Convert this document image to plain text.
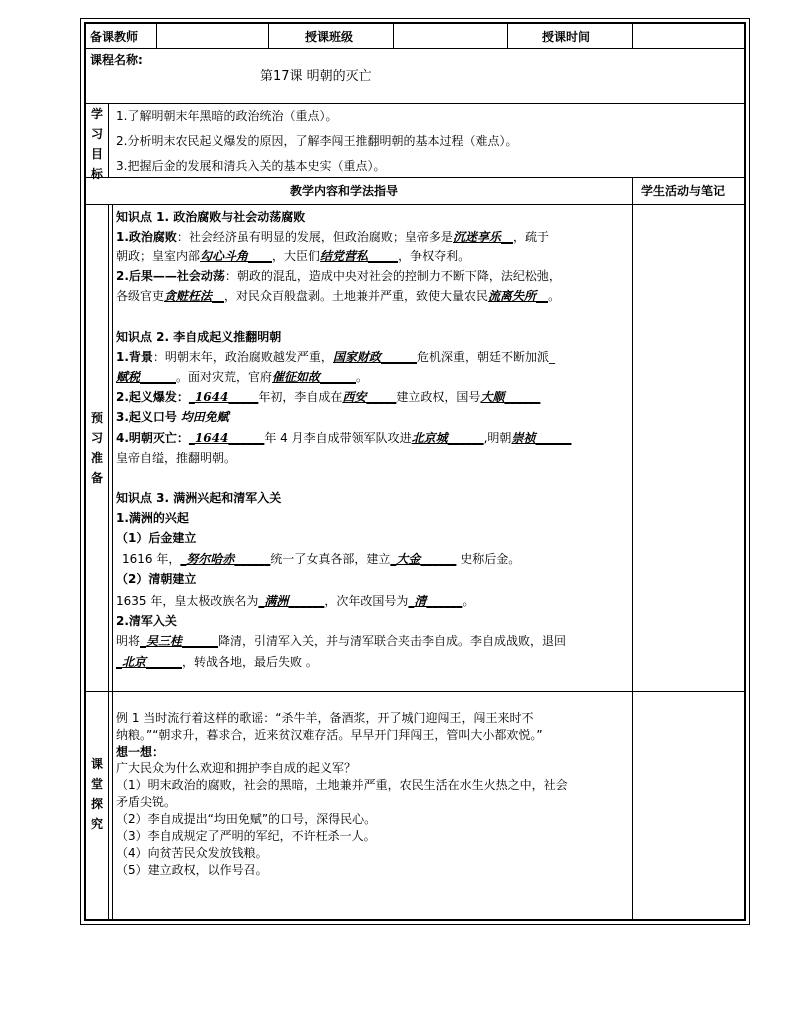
备课教师	授课班级	授课时间
课程名称:
第17课 明朝的灭亡
学习目标
1.了解明朝末年黑暗的政治统治（重点）。
2.分析明末农民起义爆发的原因，了解李闯王推翻明朝的基本过程（难点）。
3.把握后金的发展和清兵入关的基本史实（重点）。
教学内容和学法指导	学生活动与笔记
预习准备
知识点 1. 政治腐败与社会动荡腐败
1.政治腐败：社会经济虽有明显的发展，但政治腐败；皇帝多是沉迷享乐__，疏于
朝政；皇室内部勾心斗角____，大臣们结党营私_____，争权夺利。
2.后果——社会动荡：朝政的混乱，造成中央对社会的控制力不断下降，法纪松弛，
各级官吏贪赃枉法__，对民众百般盘剥。土地兼并严重，致使大量农民流离失所__。
知识点 2. 李自成起义推翻明朝
1.背景：明朝末年，政治腐败越发严重，国家财政______危机深重，朝廷不断加派_
赋税______。面对灾荒，官府催征如故______。
2.起义爆发：_1644_____年初，李自成在西安_____建立政权，国号大顺______
3.起义口号 均田免赋
4.明朝灭亡：_1644______年 4 月李自成带领军队攻进北京城______,明朝崇祯______
皇帝自缢，推翻明朝。
知识点 3. 满洲兴起和清军入关
1.满洲的兴起
（1）后金建立
1616 年，_努尔哈赤______统一了女真各部，建立_大金______ 史称后金。
（2）清朝建立
1635 年，皇太极改族名为_满洲______，次年改国号为_清______。
2.清军入关
明将_吴三桂______降清，引清军入关，并与清军联合夹击李自成。李自成战败，退回
_北京______，转战各地，最后失败 。
课堂探究
例 1 当时流行着这样的歌谣：“杀牛羊，备酒浆，开了城门迎闯王，闯王来时不
纳粮。”“朝求升，暮求合，近来贫汉难存活。早早开门拜闯王，管叫大小都欢悦。”
想一想：
广大民众为什么欢迎和拥护李自成的起义军？
（1）明末政治的腐败，社会的黑暗，土地兼并严重，农民生活在水生火热之中，社会
矛盾尖锐。
（2）李自成提出“均田免赋”的口号，深得民心。
（3）李自成规定了严明的军纪，不许枉杀一人。
（4）向贫苦民众发放钱粮。
（5）建立政权，以作号召。
